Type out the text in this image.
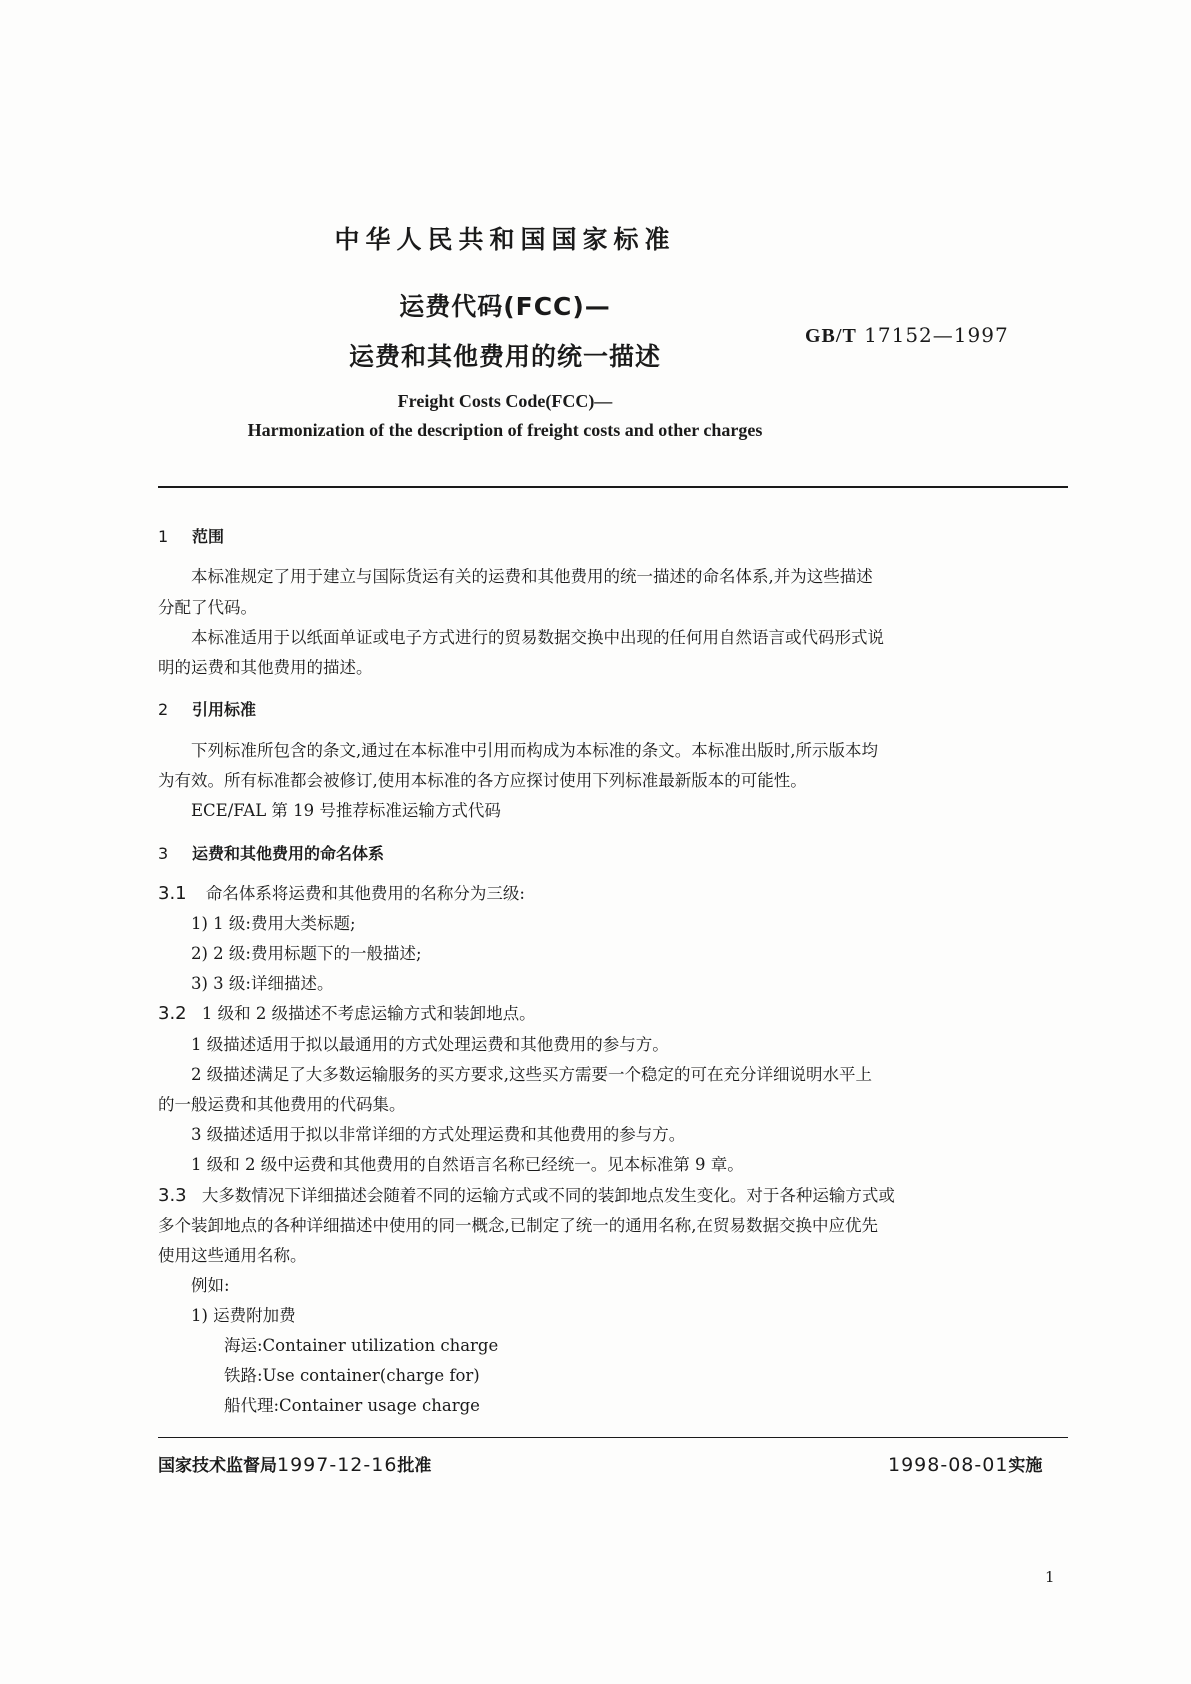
中华人民共和国国家标准
运费代码(FCC)—
运费和其他费用的统一描述
GB/T 17152—1997
Freight Costs Code(FCC)—
Harmonization of the description of freight costs and other charges
1 范围
本标准规定了用于建立与国际货运有关的运费和其他费用的统一描述的命名体系,并为这些描述
分配了代码。
本标准适用于以纸面单证或电子方式进行的贸易数据交换中出现的任何用自然语言或代码形式说
明的运费和其他费用的描述。
2 引用标准
下列标准所包含的条文,通过在本标准中引用而构成为本标准的条文。本标准出版时,所示版本均
为有效。所有标准都会被修订,使用本标准的各方应探讨使用下列标准最新版本的可能性。
ECE/FAL 第 19 号推荐标准运输方式代码
3 运费和其他费用的命名体系
3.1 命名体系将运费和其他费用的名称分为三级:
1) 1 级:费用大类标题;
2) 2 级:费用标题下的一般描述;
3) 3 级:详细描述。
3.2 1 级和 2 级描述不考虑运输方式和装卸地点。
1 级描述适用于拟以最通用的方式处理运费和其他费用的参与方。
2 级描述满足了大多数运输服务的买方要求,这些买方需要一个稳定的可在充分详细说明水平上
的一般运费和其他费用的代码集。
3 级描述适用于拟以非常详细的方式处理运费和其他费用的参与方。
1 级和 2 级中运费和其他费用的自然语言名称已经统一。见本标准第 9 章。
3.3 大多数情况下详细描述会随着不同的运输方式或不同的装卸地点发生变化。对于各种运输方式或
多个装卸地点的各种详细描述中使用的同一概念,已制定了统一的通用名称,在贸易数据交换中应优先
使用这些通用名称。
例如:
1) 运费附加费
海运:Container utilization charge
铁路:Use container(charge for)
船代理:Container usage charge
国家技术监督局1997-12-16批准	1998-08-01实施
1
